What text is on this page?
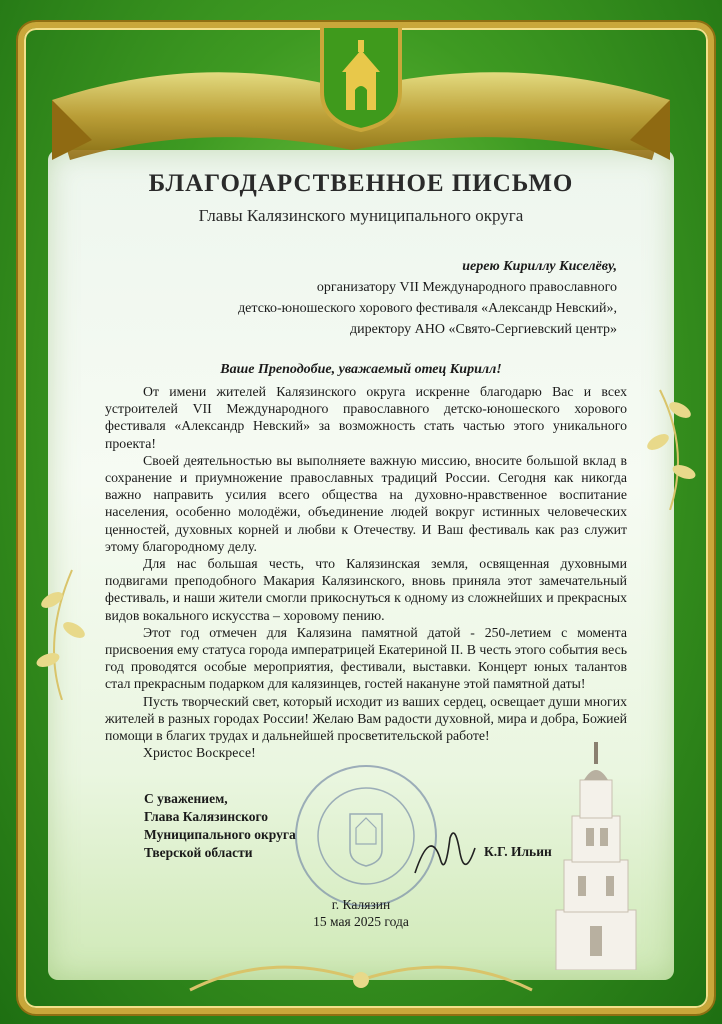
БЛАГОДАРСТВЕННОЕ ПИСЬМО
Главы Калязинского муниципального округа
иерею Кириллу Киселёву,
организатору VII Международного православного
детско-юношеского хорового фестиваля «Александр Невский»,
директору АНО «Свято-Сергиевский центр»
Ваше Преподобие, уважаемый отец Кирилл!

От имени жителей Калязинского округа искренне благодарю Вас и всех устроителей VII Международного православного детско-юношеского хорового фестиваля «Александр Невский» за возможность стать частью этого уникального проекта!

Своей деятельностью вы выполняете важную миссию, вносите большой вклад в сохранение и приумножение православных традиций России. Сегодня как никогда важно направить усилия всего общества на духовно-нравственное воспитание населения, особенно молодёжи, объединение людей вокруг истинных человеческих ценностей, духовных корней и любви к Отечеству. И Ваш фестиваль как раз служит этому благородному делу.

Для нас большая честь, что Калязинская земля, освященная духовными подвигами преподобного Макария Калязинского, вновь приняла этот замечательный фестиваль, и наши жители смогли прикоснуться к одному из сложнейших и прекрасных видов вокального искусства – хоровому пению.

Этот год отмечен для Калязина памятной датой - 250-летием с момента присвоения ему статуса города императрицей Екатериной II. В честь этого события весь год проводятся особые мероприятия, фестивали, выставки. Концерт юных талантов стал прекрасным подарком для калязинцев, гостей накануне этой памятной даты!

Пусть творческий свет, который исходит из ваших сердец, освещает души многих жителей в разных городах России! Желаю Вам радости духовной, мира и добра, Божией помощи в благих трудах и дальнейшей просветительской работе!

Христос Воскресе!

С уважением,
Глава Калязинского
Муниципального округа
Тверской области	К.Г. Ильин
г. Калязин
15 мая 2025 года
